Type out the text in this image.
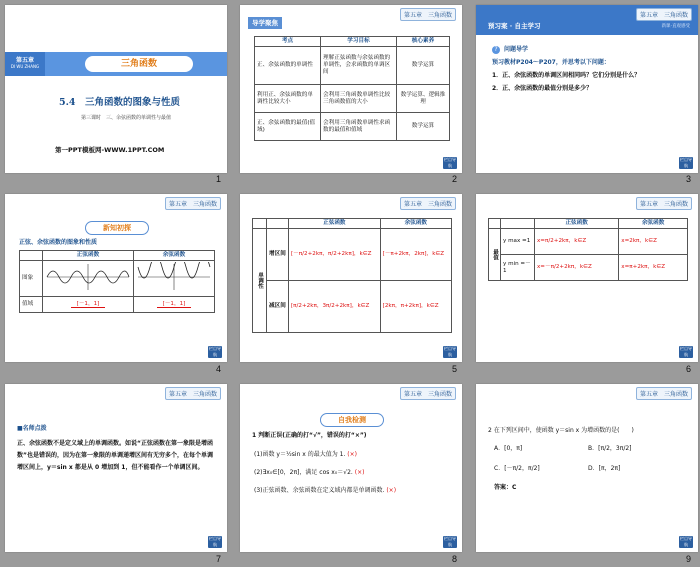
第五章
DI WU ZHANG	三角函数
5.4　三角函数的图象与性质
第三课时　三、余弦函数的单调性与最值
第一PPT模板网-WWW.1PPT.COM
1
第五章　三角函数
导学聚焦
考点	学习目标	核心素养
正、余弦函数的单调性	理解正弦函数与余弦函数的单调性，会求函数的单调区间	数学运算
利用正、余弦函数的单调性比较大小	会利用三角函数单调性比较三角函数值的大小	数学运算、逻辑推理
正、余弦函数的最值(值域)	会利用三角函数单调性求函数的最值和值域	数学运算
栏目导航
2
第五章　三角函数
预习案 · 自主学习	新课·直观感受
?	问题导学
预习教材P204～P207，并思考以下问题：
1．正、余弦函数的单调区间相同吗？它们分别是什么？
2．正、余弦函数的最值分别是多少？
栏目导航
3
第五章　三角函数
新知初探
正弦、余弦函数的图象和性质
	正弦函数	余弦函数
图象		
值域	[－1，1]	[－1，1]
栏目导航
4
第五章　三角函数
		正弦函数	余弦函数
单调性	增区间	[－π/2+2kπ，π/2+2kπ]，k∈Z	[－π+2kπ，2kπ]，k∈Z
	减区间	[π/2+2kπ，3π/2+2kπ]，k∈Z	[2kπ，π+2kπ]，k∈Z
栏目导航
5
第五章　三角函数
		正弦函数	余弦函数
最值	y max =1	x=π/2+2kπ，k∈Z	x=2kπ，k∈Z
	y min =－1	x=－π/2+2kπ，k∈Z	x=π+2kπ，k∈Z
栏目导航
6
第五章　三角函数
■名师点拨
正、余弦函数不是定义域上的单调函数。如说“正弦函数在第一象限是增函数”也是错误的，因为在第一象限的单调递增区间有无穷多个，在每个单调增区间上，y＝sin x 都是从 0 增加到 1，但不能看作一个单调区间。
栏目导航
7
第五章　三角函数
自我检测
1 判断正误(正确的打“√”，错误的打“×”)
(1)函数 y＝½sin x 的最大值为 1. (×)
(2)∃x₀∈[0，2π]，满足 cos x₀＝√2. (×)
(3)正弦函数、余弦函数在定义域内都是单调函数. (×)
栏目导航
8
第五章　三角函数
2 在下列区间中，使函数 y＝sin x 为增函数的是(　　)
A．[0，π]	B．[π/2，3π/2]
C．[－π/2，π/2]	D．[π，2π]
答案：C
栏目导航
9
